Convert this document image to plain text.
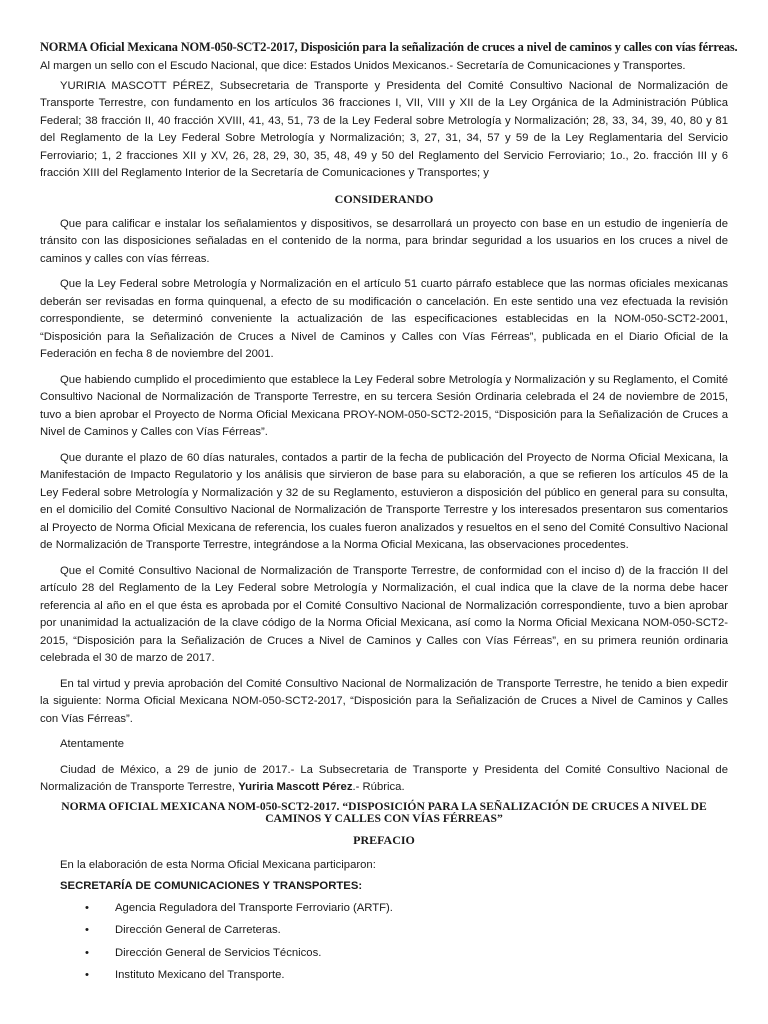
NORMA Oficial Mexicana NOM-050-SCT2-2017, Disposición para la señalización de cruces a nivel de caminos y calles con vías férreas.

Al margen un sello con el Escudo Nacional, que dice: Estados Unidos Mexicanos.- Secretaría de Comunicaciones y Transportes.

YURIRIA MASCOTT PÉREZ, Subsecretaria de Transporte y Presidenta del Comité Consultivo Nacional de Normalización de Transporte Terrestre, con fundamento en los artículos 36 fracciones I, VII, VIII y XII de la Ley Orgánica de la Administración Pública Federal; 38 fracción II, 40 fracción XVIII, 41, 43, 51, 73 de la Ley Federal sobre Metrología y Normalización; 28, 33, 34, 39, 40, 80 y 81 del Reglamento de la Ley Federal Sobre Metrología y Normalización; 3, 27, 31, 34, 57 y 59 de la Ley Reglamentaria del Servicio Ferroviario; 1, 2 fracciones XII y XV, 26, 28, 29, 30, 35, 48, 49 y 50 del Reglamento del Servicio Ferroviario; 1o., 2o. fracción III y 6 fracción XIII del Reglamento Interior de la Secretaría de Comunicaciones y Transportes; y

CONSIDERANDO

Que para calificar e instalar los señalamientos y dispositivos, se desarrollará un proyecto con base en un estudio de ingeniería de tránsito con las disposiciones señaladas en el contenido de la norma, para brindar seguridad a los usuarios en los cruces a nivel de caminos y calles con vías férreas.

Que la Ley Federal sobre Metrología y Normalización en el artículo 51 cuarto párrafo establece que las normas oficiales mexicanas deberán ser revisadas en forma quinquenal, a efecto de su modificación o cancelación. En este sentido una vez efectuada la revisión correspondiente, se determinó conveniente la actualización de las especificaciones establecidas en la NOM-050-SCT2-2001, “Disposición para la Señalización de Cruces a Nivel de Caminos y Calles con Vías Férreas”, publicada en el Diario Oficial de la Federación en fecha 8 de noviembre del 2001.

Que habiendo cumplido el procedimiento que establece la Ley Federal sobre Metrología y Normalización y su Reglamento, el Comité Consultivo Nacional de Normalización de Transporte Terrestre, en su tercera Sesión Ordinaria celebrada el 24 de noviembre de 2015, tuvo a bien aprobar el Proyecto de Norma Oficial Mexicana PROY-NOM-050-SCT2-2015, “Disposición para la Señalización de Cruces a Nivel de Caminos y Calles con Vías Férreas”.

Que durante el plazo de 60 días naturales, contados a partir de la fecha de publicación del Proyecto de Norma Oficial Mexicana, la Manifestación de Impacto Regulatorio y los análisis que sirvieron de base para su elaboración, a que se refieren los artículos 45 de la Ley Federal sobre Metrología y Normalización y 32 de su Reglamento, estuvieron a disposición del público en general para su consulta, en el domicilio del Comité Consultivo Nacional de Normalización de Transporte Terrestre y los interesados presentaron sus comentarios al Proyecto de Norma Oficial Mexicana de referencia, los cuales fueron analizados y resueltos en el seno del Comité Consultivo Nacional de Normalización de Transporte Terrestre, integrándose a la Norma Oficial Mexicana, las observaciones procedentes.

Que el Comité Consultivo Nacional de Normalización de Transporte Terrestre, de conformidad con el inciso d) de la fracción II del artículo 28 del Reglamento de la Ley Federal sobre Metrología y Normalización, el cual indica que la clave de la norma debe hacer referencia al año en el que ésta es aprobada por el Comité Consultivo Nacional de Normalización correspondiente, tuvo a bien aprobar por unanimidad la actualización de la clave código de la Norma Oficial Mexicana, así como la Norma Oficial Mexicana NOM-050-SCT2-2015, “Disposición para la Señalización de Cruces a Nivel de Caminos y Calles con Vías Férreas”, en su primera reunión ordinaria celebrada el 30 de marzo de 2017.

En tal virtud y previa aprobación del Comité Consultivo Nacional de Normalización de Transporte Terrestre, he tenido a bien expedir la siguiente: Norma Oficial Mexicana NOM-050-SCT2-2017, “Disposición para la Señalización de Cruces a Nivel de Caminos y Calles con Vías Férreas”.

Atentamente

Ciudad de México, a 29 de junio de 2017.- La Subsecretaria de Transporte y Presidenta del Comité Consultivo Nacional de Normalización de Transporte Terrestre, Yuriria Mascott Pérez.- Rúbrica.

NORMA OFICIAL MEXICANA NOM-050-SCT2-2017. “DISPOSICIÓN PARA LA SEÑALIZACIÓN DE CRUCES A NIVEL DE CAMINOS Y CALLES CON VÍAS FÉRREAS”
PREFACIO
En la elaboración de esta Norma Oficial Mexicana participaron:
SECRETARÍA DE COMUNICACIONES Y TRANSPORTES:
• Agencia Reguladora del Transporte Ferroviario (ARTF).
• Dirección General de Carreteras.
• Dirección General de Servicios Técnicos.
• Instituto Mexicano del Transporte.
